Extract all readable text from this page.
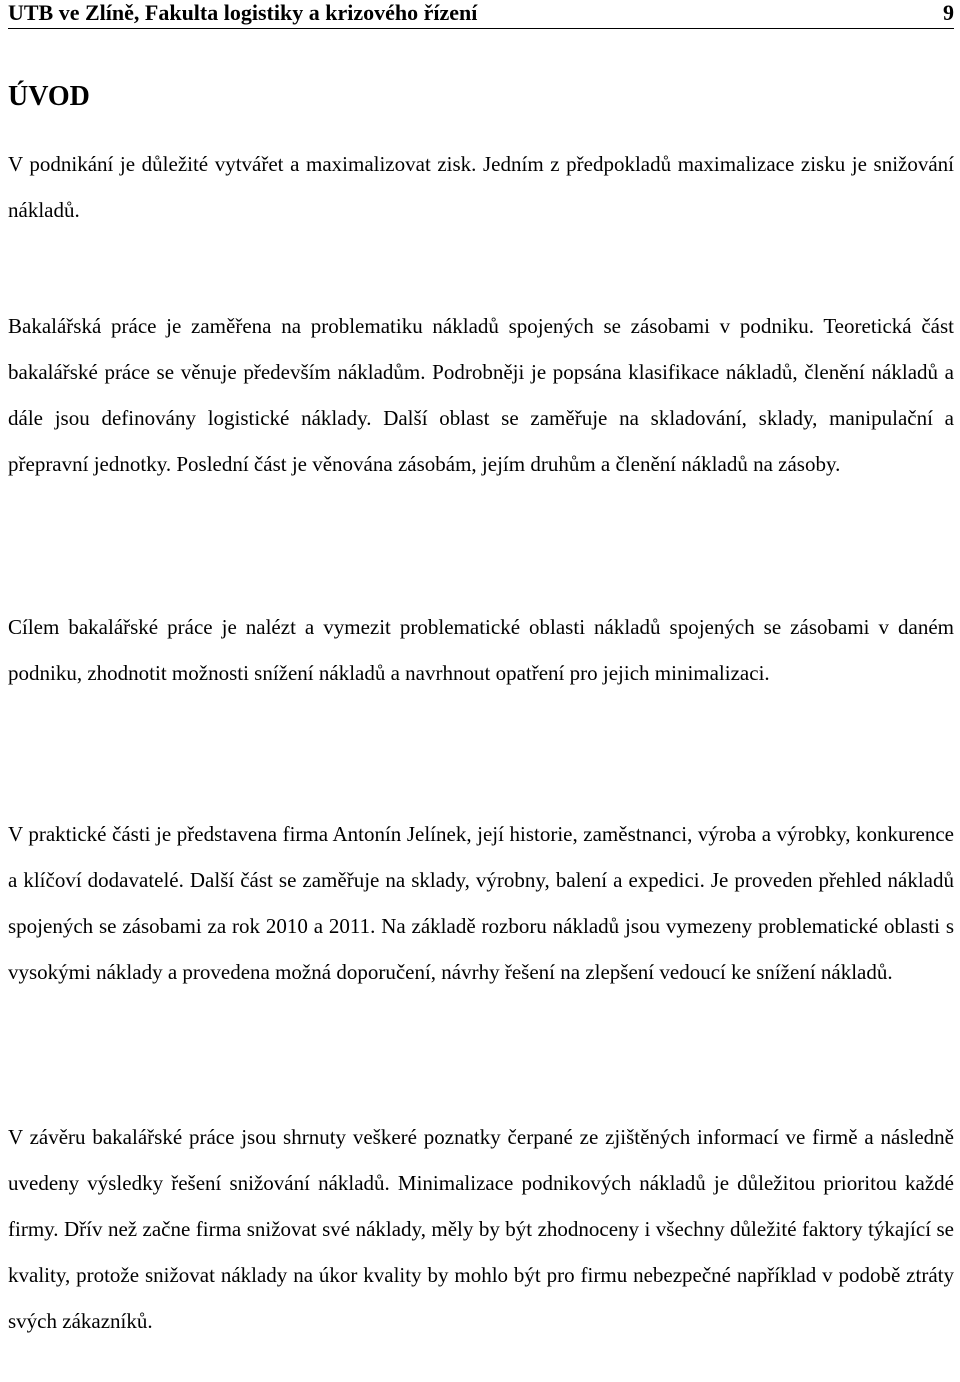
UTB ve Zlíně, Fakulta logistiky a krizového řízení	9
ÚVOD

V podnikání je důležité vytvářet a maximalizovat zisk. Jedním z předpokladů maximalizace zisku je snižování nákladů.

Bakalářská práce je zaměřena na problematiku nákladů spojených se zásobami v podniku. Teoretická část bakalářské práce se věnuje především nákladům. Podrobněji je popsána klasifikace nákladů, členění nákladů a dále jsou definovány logistické náklady. Další oblast se zaměřuje na skladování, sklady, manipulační a přepravní jednotky. Poslední část je věnována zásobám, jejím druhům a členění nákladů na zásoby.

Cílem bakalářské práce je nalézt a vymezit problematické oblasti nákladů spojených se zásobami v daném podniku, zhodnotit možnosti snížení nákladů a navrhnout opatření pro jejich minimalizaci.

V praktické části je představena firma Antonín Jelínek, její historie, zaměstnanci, výroba a výrobky, konkurence a klíčoví dodavatelé. Další část se zaměřuje na sklady, výrobny, balení a expedici. Je proveden přehled nákladů spojených se zásobami za rok 2010 a 2011. Na základě rozboru nákladů jsou vymezeny problematické oblasti s vysokými náklady a provedena možná doporučení, návrhy řešení na zlepšení vedoucí ke snížení nákladů.

V závěru bakalářské práce jsou shrnuty veškeré poznatky čerpané ze zjištěných informací ve firmě a následně uvedeny výsledky řešení snižování nákladů. Minimalizace podnikových nákladů je důležitou prioritou každé firmy. Dřív než začne firma snižovat své náklady, měly by být zhodnoceny i všechny důležité faktory týkající se kvality, protože snižovat náklady na úkor kvality by mohlo být pro firmu nebezpečné například v podobě ztráty svých zákazníků.
